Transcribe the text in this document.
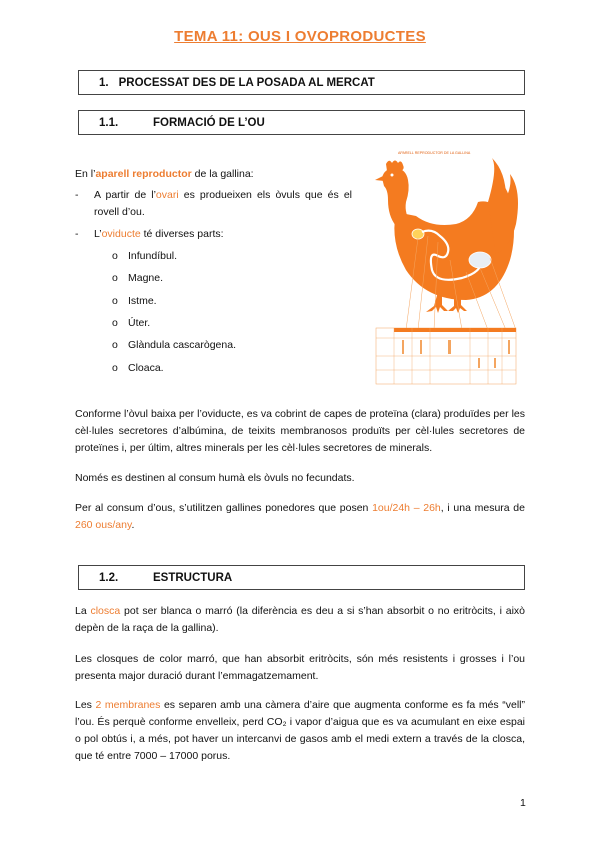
TEMA 11: OUS I OVOPRODUCTES
1. PROCESSAT DES DE LA POSADA AL MERCAT
1.1.	FORMACIÓ DE L’OU
En l’aparell reproductor de la gallina:
- A partir de l’ovari es produeixen els òvuls que és el rovell d’ou.
- L’oviducte té diverses parts:
o Infundíbul.
o Magne.
o Istme.
o Úter.
o Glàndula cascarògena.
o Cloaca.
APARELL REPRODUCTOR DE LA GALLINA
Conforme l’òvul baixa per l’oviducte, es va cobrint de capes de proteïna (clara) produïdes per les cèl·lules secretores d’albúmina, de teixits membranosos produïts per cèl·lules secretores de proteïnes i, per últim, altres minerals per les cèl·lules secretores de minerals.
Només es destinen al consum humà els òvuls no fecundats.
Per al consum d’ous, s’utilitzen gallines ponedores que posen 1ou/24h – 26h, i una mesura de 260 ous/any.
1.2.	ESTRUCTURA
La closca pot ser blanca o marró (la diferència es deu a si s’han absorbit o no eritròcits, i això depèn de la raça de la gallina).
Les closques de color marró, que han absorbit eritròcits, són més resistents i grosses i l’ou presenta major duració durant l’emmagatzemament.
Les 2 membranes es separen amb una càmera d’aire que augmenta conforme es fa més “vell” l’ou. És perquè conforme envelleix, perd CO₂ i vapor d’aigua que es va acumulant en eixe espai o pol obtús i, a més, pot haver un intercanvi de gasos amb el medi extern a través de la closca, que té entre 7000 – 17000 porus.
1
